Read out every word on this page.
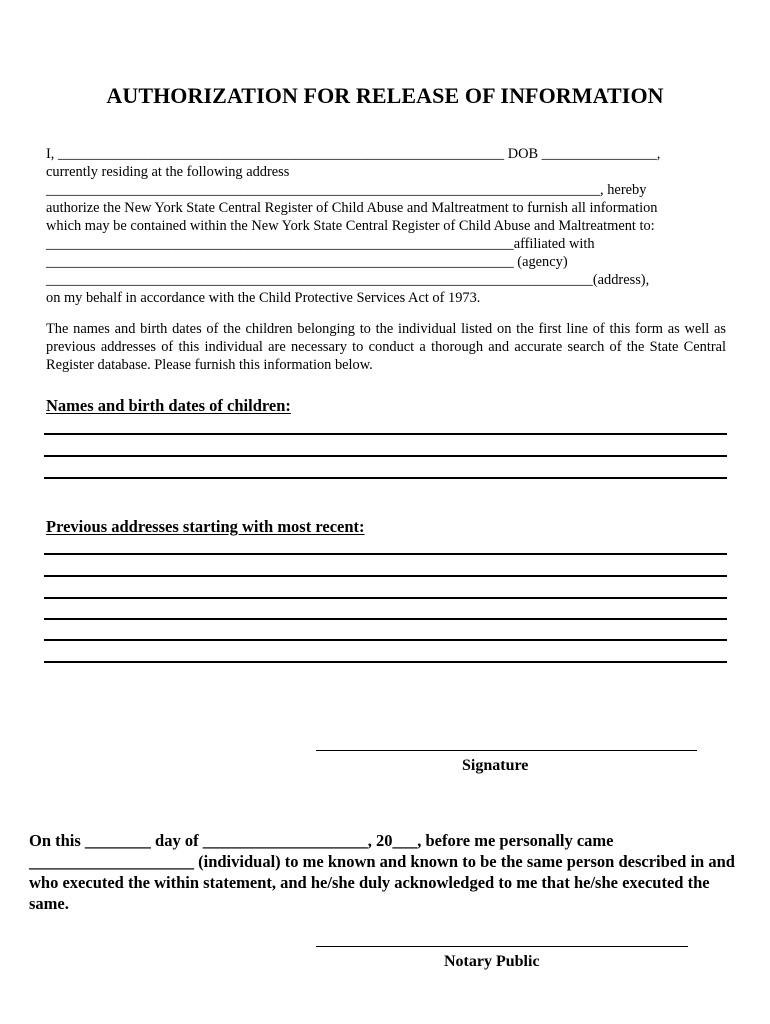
AUTHORIZATION FOR RELEASE OF INFORMATION
I, ______________________________________________________________ DOB ________________,
currently residing at the following address
_____________________________________________________________________________, hereby
authorize the New York State Central Register of Child Abuse and Maltreatment to furnish all information
which may be contained within the New York State Central Register of Child Abuse and Maltreatment to:
_________________________________________________________________affiliated with
_________________________________________________________________ (agency)
____________________________________________________________________________(address),
on my behalf in accordance with the Child Protective Services Act of 1973.
The names and birth dates of the children belonging to the individual listed on the first line of this form as well as previous addresses of this individual are necessary to conduct a thorough and accurate search of the State Central Register database. Please furnish this information below.
Names and birth dates of children:
Previous addresses starting with most recent:
Signature
On this ________ day of ____________________, 20___, before me personally came ____________________ (individual) to me known and known to be the same person described in and who executed the within statement, and he/she duly acknowledged to me that he/she executed the same.
Notary Public
